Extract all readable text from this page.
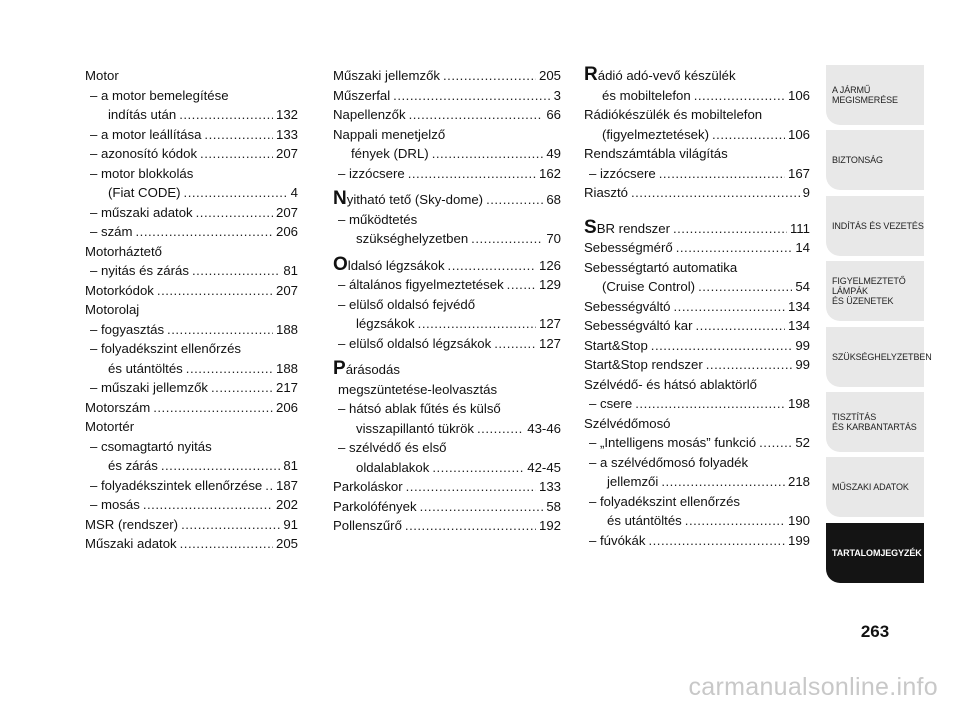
Motor
– a motor bemelegítése
indítás után .....	132
– a motor leállítása .....	133
– azonosító kódok .....	207
– motor blokkolás
(Fiat CODE) .....	4
– műszaki adatok .....	207
– szám .....	206
Motorháztető
– nyitás és zárás .....	81
Motorkódok .....	207
Motorolaj
– fogyasztás .....	188
– folyadékszint ellenőrzés
és utántöltés .....	188
– műszaki jellemzők .....	217
Motorszám .....	206
Motortér
– csomagtartó nyitás
és zárás .....	81
– folyadékszintek ellenőrzése ..... 187
– mosás .....	202
MSR (rendszer) .....	91
Műszaki adatok .....	205
Műszaki jellemzők .....	205
Műszerfal .....	3
Napellenzők .....	66
Nappali menetjelző
fények (DRL) .....	49
– izzócsere .....	162
N yitható tető (Sky-dome) .....	68
– működtetés
szükséghelyzetben .....	70
O ldalsó légzsákok .....	126
– általános figyelmeztetések .....	129
– elülső oldalsó fejvédő
légzsákok .....	127
– elülső oldalsó légzsákok .....	127
P árásodás
megszüntetése-leolvasztás
– hátsó ablak fűtés és külső
visszapillantó tükrök .....	43-46
– szélvédő és első
oldalablakok .....	42-45
Parkoláskor .....	133
Parkolófények .....	58
Pollenszűrő .....	192
R ádió adó-vevő készülék
és mobiltelefon .....	106
Rádiókészülék és mobiltelefon
(figyelmeztetések) .....	106
Rendszámtábla világítás
– izzócsere .....	167
Riasztó .....	9
S BR rendszer .....	111
Sebességmérő .....	14
Sebességtartó automatika
(Cruise Control) .....	54
Sebességváltó .....	134
Sebességváltó kar .....	134
Start&Stop .....	99
Start&Stop rendszer .....	99
Szélvédő- és hátsó ablaktörlő
– csere .....	198
Szélvédőmosó
– „Intelligens mosás” funkció .....	52
– a szélvédőmosó folyadék
jellemzői .....	218
– folyadékszint ellenőrzés
és utántöltés .....	190
– fúvókák .....	199
A JÁRMŰ
MEGISMERÉSE
BIZTONSÁG
INDÍTÁS ÉS VEZETÉS
FIGYELMEZTETŐ
LÁMPÁK
ÉS ÜZENETEK
SZÜKSÉGHELYZETBEN
TISZTÍTÁS
ÉS KARBANTARTÁS
MŰSZAKI ADATOK
TARTALOMJEGYZÉK
263
carmanualsonline.info
